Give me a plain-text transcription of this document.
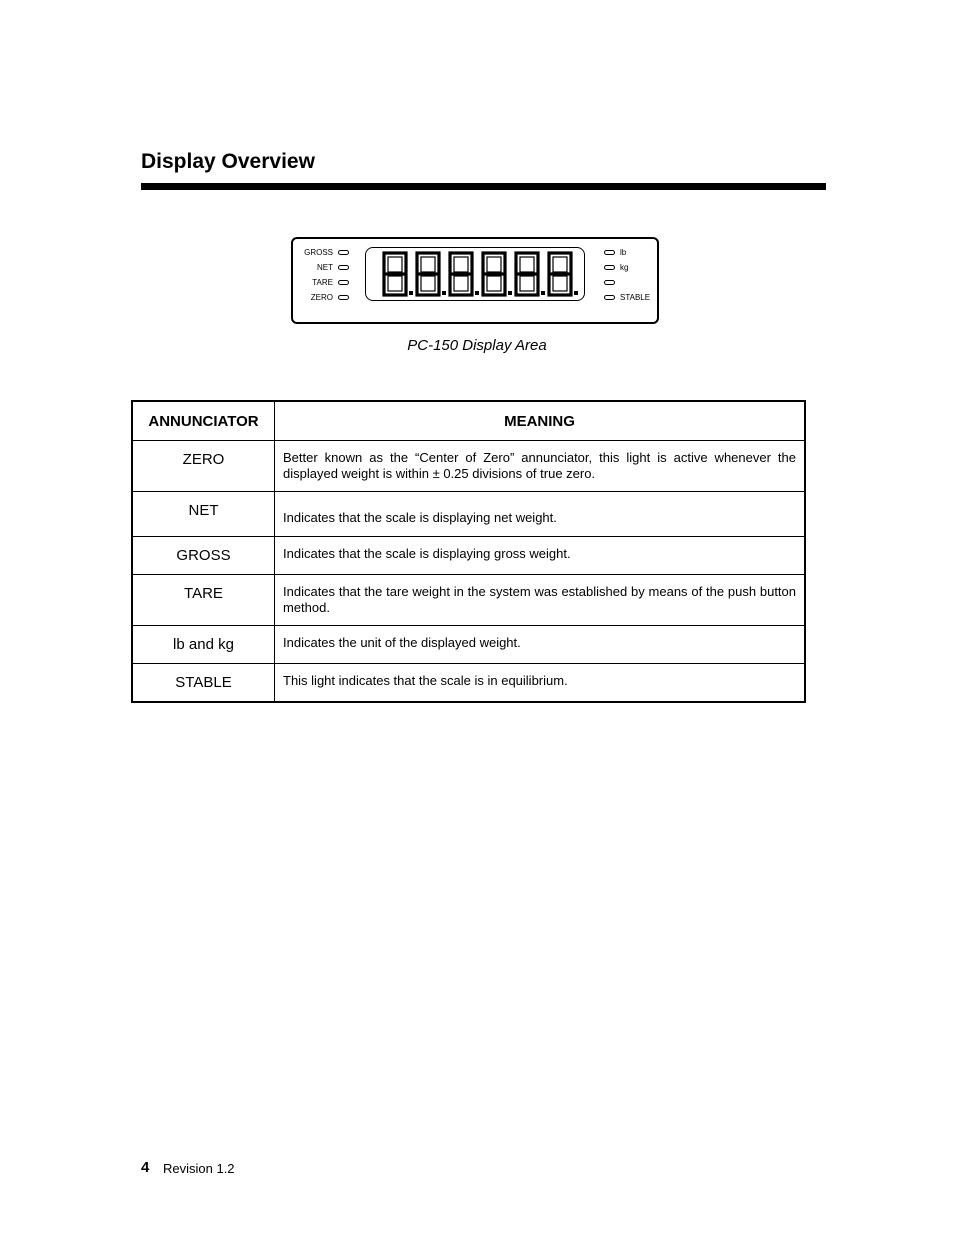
Display Overview
GROSS
NET
TARE
ZERO
lb
kg
STABLE
PC-150 Display Area
ANNUNCIATOR	MEANING
ZERO	Better known as the “Center of Zero” annunciator, this light is active whenever the displayed weight is within ± 0.25 divisions of true zero.
NET	Indicates that the scale is displaying net weight.
GROSS	Indicates that the scale is displaying gross weight.
TARE	Indicates that the tare weight in the system was established by means of the push button method.
lb and kg	Indicates the unit of the displayed weight.
STABLE	This light indicates that the scale is in equilibrium.
4 Revision 1.2
